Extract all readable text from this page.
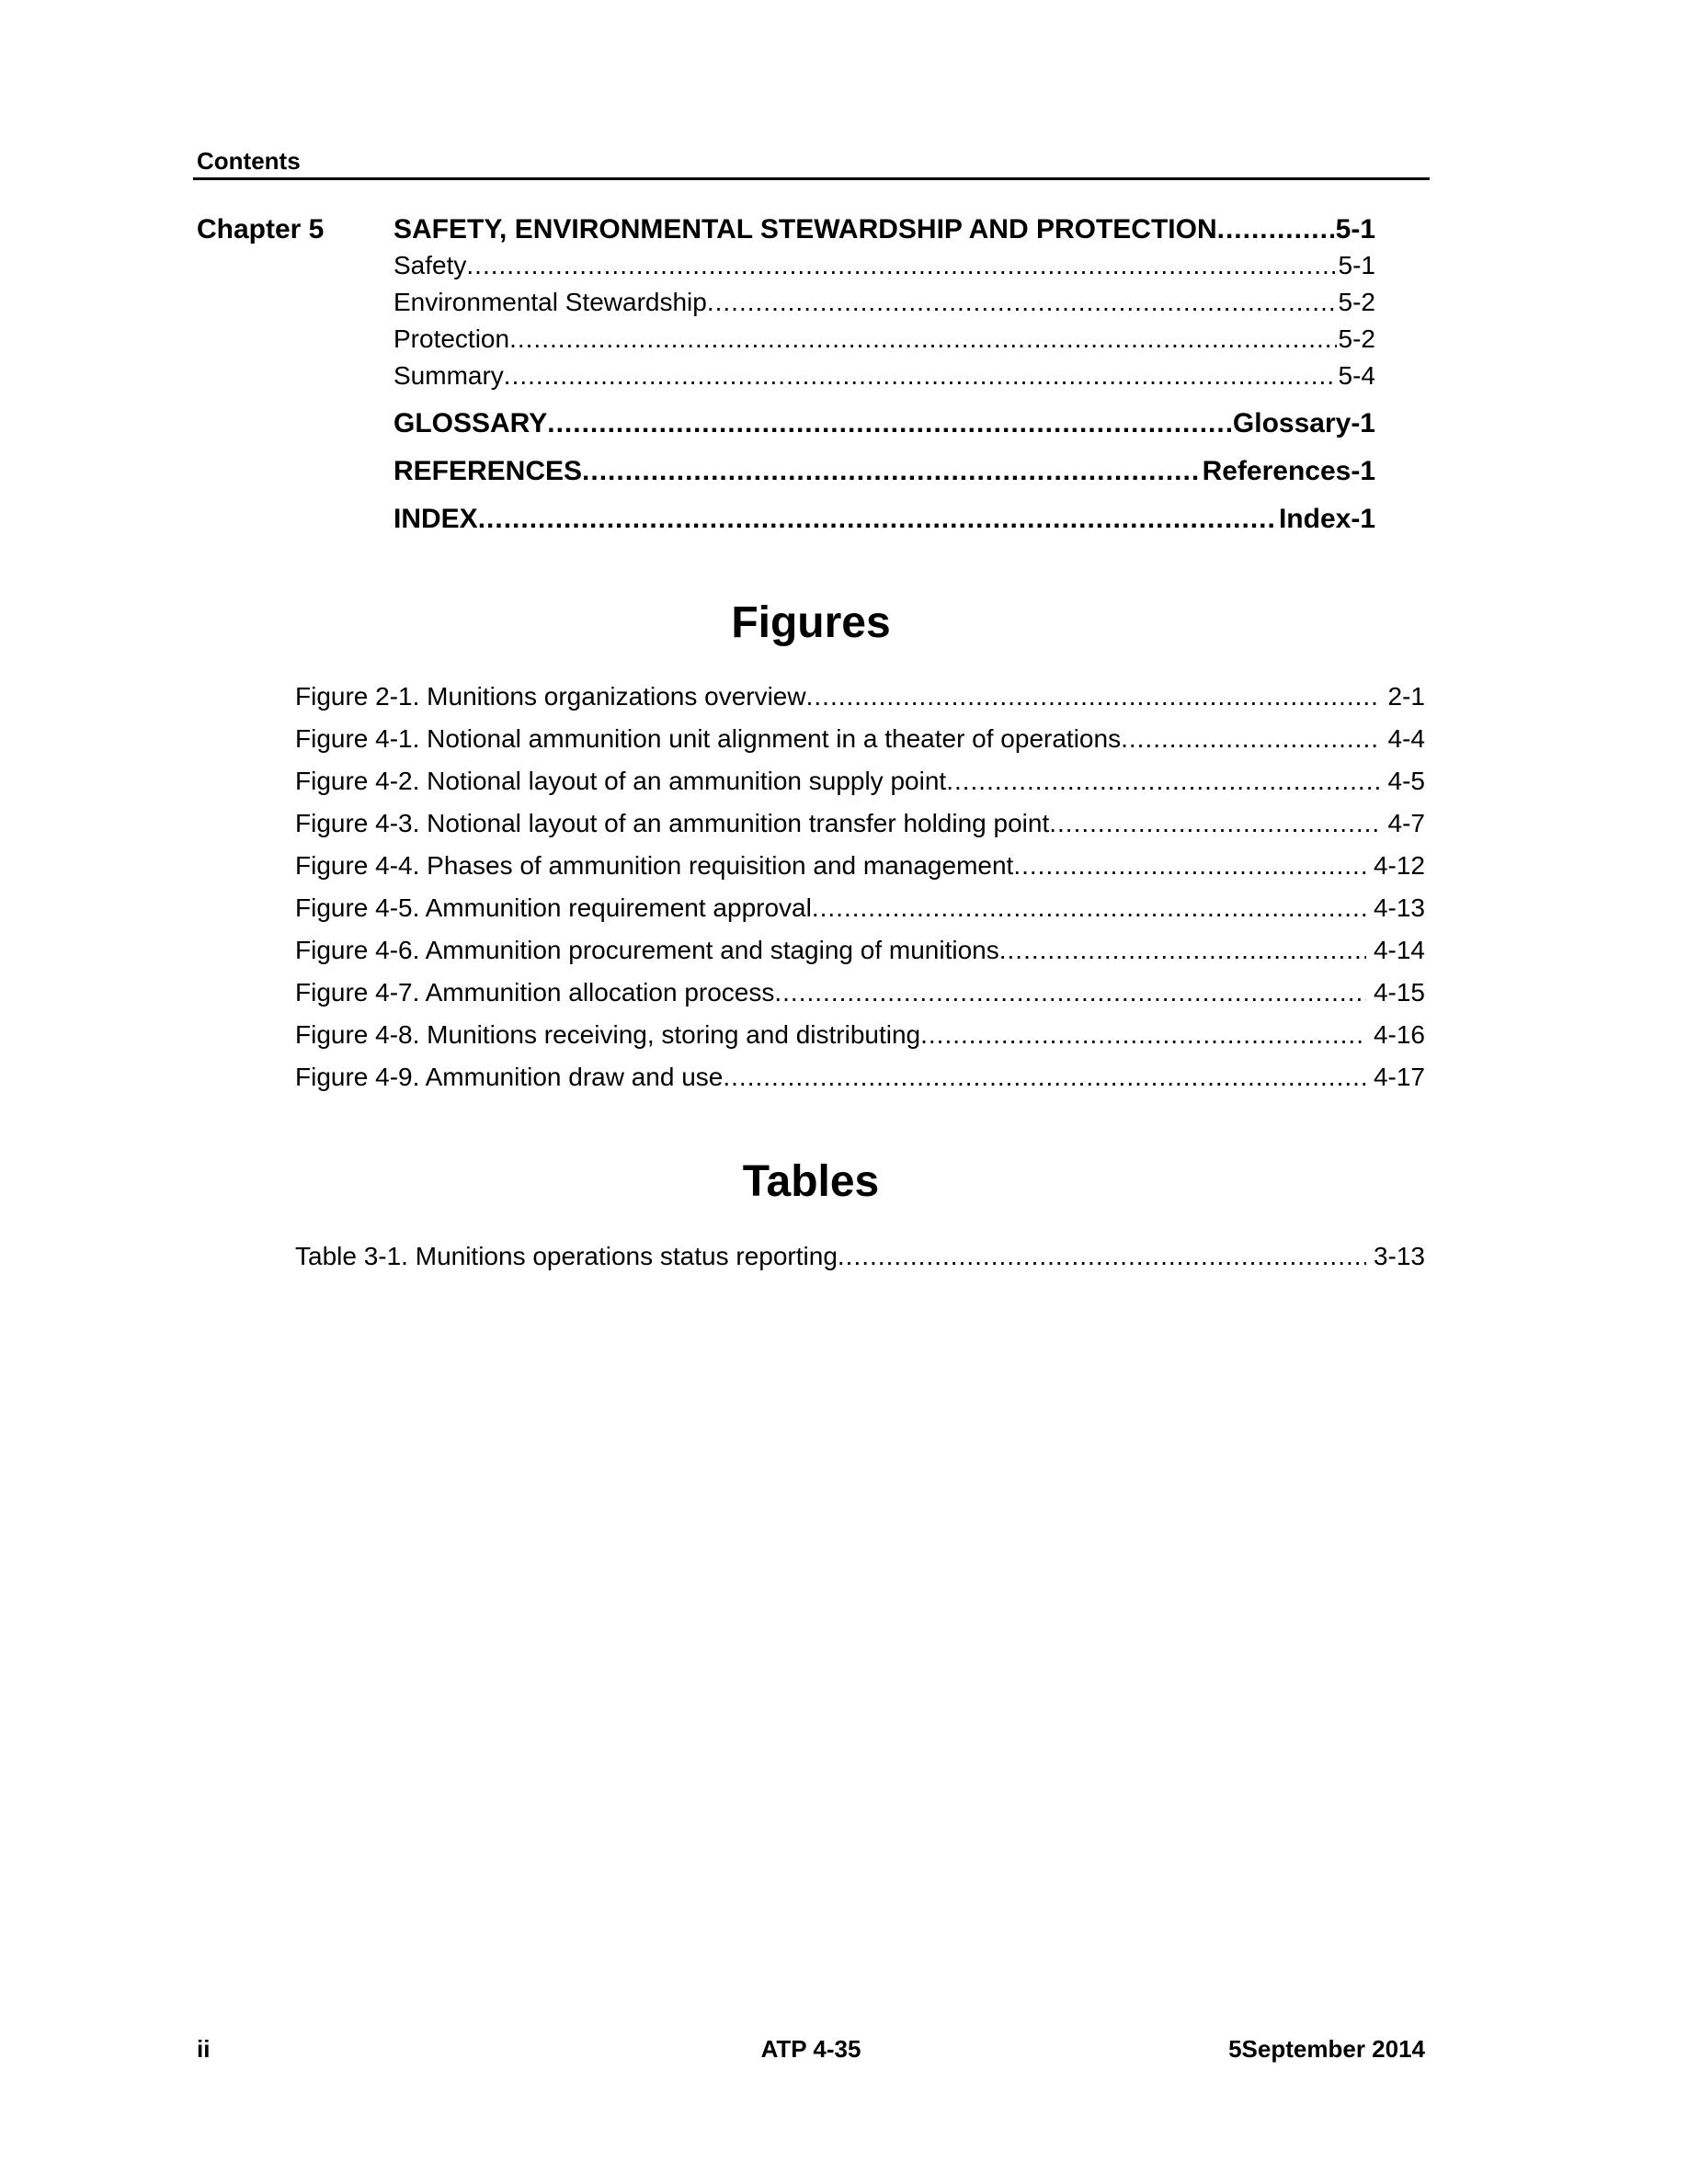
Contents
Chapter 5	SAFETY, ENVIRONMENTAL STEWARDSHIP AND PROTECTION .....	5-1
Safety .....	5-1
Environmental Stewardship .....	5-2
Protection .....	5-2
Summary .....	5-4
GLOSSARY .....	Glossary-1
REFERENCES .....	References-1
INDEX .....	Index-1
Figures
Figure 2-1. Munitions organizations overview .....	2-1
Figure 4-1. Notional ammunition unit alignment in a theater of operations .....	4-4
Figure 4-2. Notional layout of an ammunition supply point .....	4-5
Figure 4-3. Notional layout of an ammunition transfer holding point .....	4-7
Figure 4-4. Phases of ammunition requisition and management .....	4-12
Figure 4-5. Ammunition requirement approval .....	4-13
Figure 4-6. Ammunition procurement and staging of munitions .....	4-14
Figure 4-7. Ammunition allocation process .....	4-15
Figure 4-8. Munitions receiving, storing and distributing .....	4-16
Figure 4-9. Ammunition draw and use .....	4-17
Tables
Table 3-1. Munitions operations status reporting .....	3-13
ii	ATP 4-35	5September 2014
